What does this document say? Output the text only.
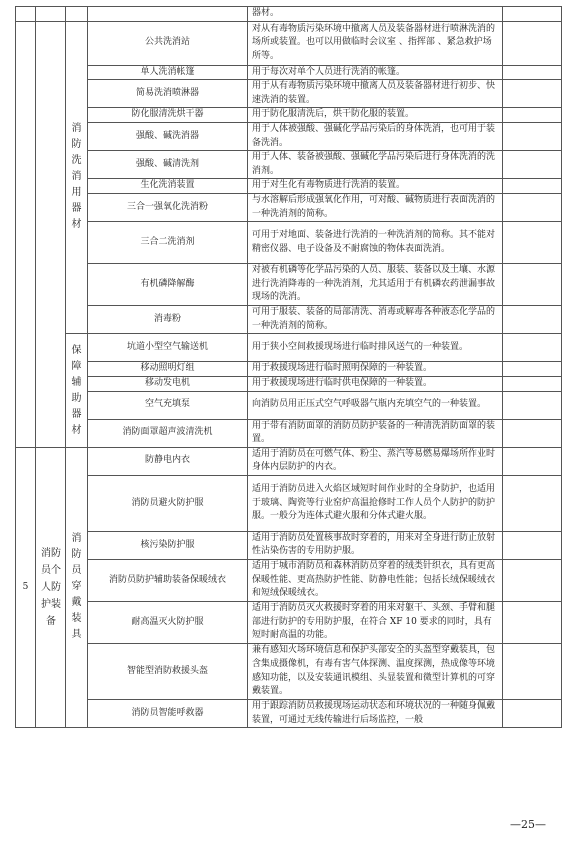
				器材。	
		消防洗消用器材	公共洗消站	对从有毒物质污染环境中撤离人员及装备器材进行喷淋洗消的场所或装置。也可以用做临时会议室 、指挥部 、紧急救护场所等。	
			单人洗消帐篷	用于每次对单个人员进行洗消的帐篷。	
			简易洗消喷淋器	用于从有毒物质污染环境中撤离人员及装备器材进行初步、快速洗消的装置。	
			防化服清洗烘干器	用于防化服清洗后，烘干防化服的装置。	
			强酸、碱洗消器	用于人体被强酸、强碱化学品污染后的身体洗消，也可用于装备洗消。	
			强酸、碱清洗剂	用于人体、装备被强酸、强碱化学品污染后进行身体洗消的洗消剂。	
			生化洗消装置	用于对生化有毒物质进行洗消的装置。	
			三合一强氧化洗消粉	与水溶解后形成强氧化作用，可对酸、碱物质进行表面洗消的一种洗消剂的简称。	
			三合二洗消剂	可用于对地面、装备进行洗消的一种洗消剂的简称。其不能对精密仪器、电子设备及不耐腐蚀的物体表面洗消。	
			有机磷降解酶	对被有机磷等化学品污染的人员、服装、装备以及土壤、水源进行洗消降毒的一种洗消剂，尤其适用于有机磷农药泄漏事故现场的洗消。	
			消毒粉	可用于服装、装备的局部清洗、消毒或解毒各种液态化学品的一种洗消剂的简称。	
		保障辅助器材	坑道小型空气输送机	用于狭小空间救援现场进行临时排风送气的一种装置。	
			移动照明灯组	用于救援现场进行临时照明保障的一种装置。	
			移动发电机	用于救援现场进行临时供电保障的一种装置。	
			空气充填泵	向消防员用正压式空气呼吸器气瓶内充填空气的一种装置。	
			消防面罩超声波清洗机	用于带有消防面罩的消防员防护装备的一种清洗消防面罩的装置。	
5	消防员个人防护装备	消防员穿戴装具	防静电内衣	适用于消防员在可燃气体、粉尘、蒸汽等易燃易爆场所作业时身体内层防护的内衣。	
			消防员避火防护服	适用于消防员进入火焰区域短时间作业时的全身防护，也适用于玻璃、陶瓷等行业窑炉高温抢修时工作人员个人防护的防护服。一般分为连体式避火服和分体式避火服。	
			核污染防护服	适用于消防员处置核事故时穿着的，用来对全身进行防止放射性沾染伤害的专用防护服。	
			消防员防护辅助装备保暖绒衣	适用于城市消防员和森林消防员穿着的绒类针织衣，具有更高保暖性能、更高热防护性能、防静电性能；包括长绒保暖绒衣和短绒保暖绒衣。	
			耐高温灭火防护服	适用于消防员灭火救援时穿着的用来对躯干、头颈、手臂和腿部进行防护的专用防护服，在符合 XF 10 要求的同时，具有短时耐高温的功能。	
			智能型消防救援头盔	兼有感知火场环境信息和保护头部安全的头盔型穿戴装具，包含集成摄像机，有毒有害气体探测、温度探测，热成像等环境感知功能，以及安装通讯模组、头显装置和微型计算机的可穿戴装置。	
			消防员智能呼救器	用于跟踪消防员救援现场运动状态和环境状况的一种随身佩戴装置，可通过无线传输进行后场监控，一般	
—25—
